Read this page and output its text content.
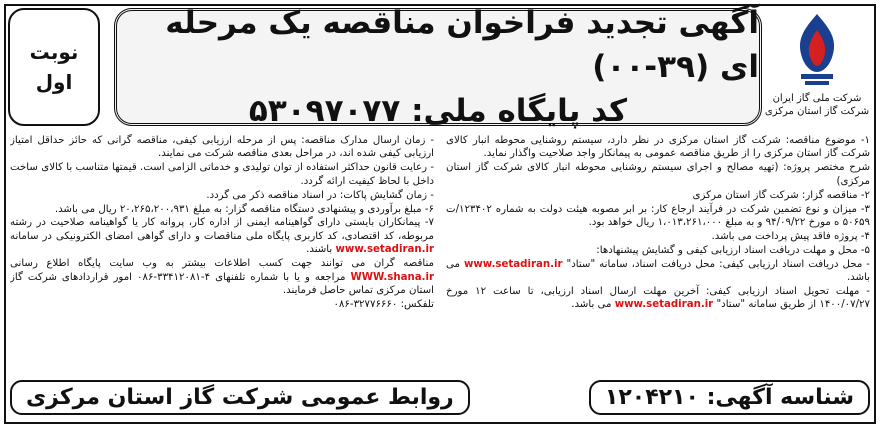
شرکت ملی گاز ایران
شرکت گاز استان مرکزی
آگهی تجدید فراخوان مناقصه یک مرحله ای (۳۹-۰۰)
کد پایگاه ملی: ۵۳۰۹۷۰۷۷
نوبت
اول

۱- موضوع مناقصه: شرکت گاز استان مرکزی در نظر دارد، سیستم روشنایی محوطه انبار کالای شرکت گاز استان مرکزی را از طریق مناقصه عمومی به پیمانکار واجد صلاحیت واگذار نماید.

شرح مختصر پروژه: (تهیه مصالح و اجرای سیستم روشنایی محوطه انبار کالای شرکت گاز استان مرکزی)

۲- مناقصه گزار: شرکت گاز استان مرکزی

۳- میزان و نوع تضمین شرکت در فرآیند ارجاع کار: بر ابر مصوبه هیئت دولت به شماره ۱۲۳۴۰۲/ت ۵۰۶۵۹ ه مورخ ۹۴/۰۹/۲۲ و به مبلغ ۱،۰۱۳،۲۶۱،۰۰۰ ریال خواهد بود.

۴- پروژه فاقد پیش پرداخت می باشد.

۵- محل و مهلت دریافت اسناد ارزیابی کیفی و گشایش پیشنهادها:

- محل دریافت اسناد ارزیابی کیفی: محل دریافت اسناد، سامانه "ستاد" www.setadiran.ir می باشد.

- مهلت تحویل اسناد ارزیابی کیفی: آخرین مهلت ارسال اسناد ارزیابی، تا ساعت ۱۲ مورخ ۱۴۰۰/۰۷/۲۷ از طریق سامانه "ستاد" www.setadiran.ir می باشد.

- زمان ارسال مدارک مناقصه: پس از مرحله ارزیابی کیفی، مناقصه گرانی که حائز حداقل امتیاز ارزیابی کیفی شده اند، در مراحل بعدی مناقصه شرکت می نمایند.

- رعایت قانون حداکثر استفاده از توان تولیدی و خدماتی الزامی است. قیمتها متناسب با کالای ساخت داخل با لحاظ کیفیت ارائه گردد.

- زمان گشایش پاکات: در اسناد مناقصه ذکر می گردد.

۶- مبلغ برآوردی و پیشنهادی دستگاه مناقصه گزار: به مبلغ ۲۰،۲۶۵،۲۰۰،۹۳۱ ریال می باشد.

۷- پیمانکاران بایستی دارای گواهینامه ایمنی از اداره کار، پروانه کار یا گواهینامه صلاحیت در رشته مربوطه، کد اقتصادی، کد کاربری پایگاه ملی مناقصات و دارای گواهی امضای الکترونیکی در سامانه www.setadiran.ir باشند.

مناقصه گران می توانند جهت کسب اطلاعات بیشتر به وب سایت پایگاه اطلاع رسانی WWW.shana.ir مراجعه و یا با شماره تلفنهای ۴-۳۳۴۱۲۰۸۱-۰۸۶ امور قراردادهای شرکت گاز استان مرکزی تماس حاصل فرمایند.

تلفکس: ۳۲۷۷۶۶۶۰-۰۸۶

شناسه آگهی: ۱۲۰۴۲۱۰
روابط عمومی شرکت گاز استان مرکزی
